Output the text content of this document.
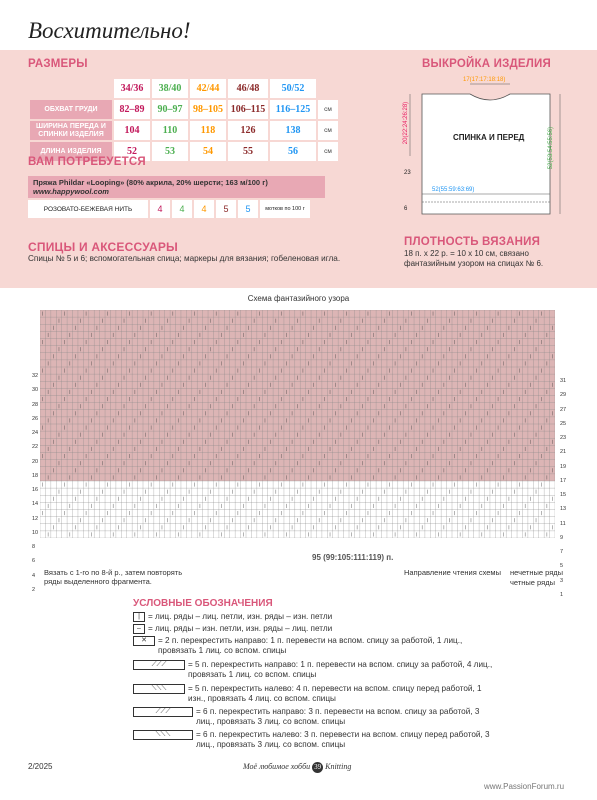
Восхитительно!
РАЗМЕРЫ
	34/36	38/40	42/44	46/48	50/52	
ОБХВАТ ГРУДИ	82–89	90–97	98–105	106–115	116–125	см
ШИРИНА ПЕРЕДА И СПИНКИ ИЗДЕЛИЯ	104	110	118	126	138	см
ДЛИНА ИЗДЕЛИЯ	52	53	54	55	56	см
ВАМ ПОТРЕБУЕТСЯ
Пряжа Phildar «Looping» (80% акрила, 20% шерсти; 163 м/100 г)
www.happywool.com
РОЗОВАТО-БЕЖЕВАЯ НИТЬ	4	4	4	5	5	мотков по 100 г
СПИЦЫ И АКСЕССУАРЫ
Спицы № 5 и 6; вспомогательная спица; маркеры для вязания; гобеленовая игла.
ВЫКРОЙКА ИЗДЕЛИЯ
17(17:17:18:18)
СПИНКА И ПЕРЕД
52(55:59:63:69)
23
6
20(22:24:26:28)
52(53:54:55:56)
ПЛОТНОСТЬ ВЯЗАНИЯ
18 п. х 22 р. = 10 х 10 см, связано фантазийным узором на спицах № 6.
Схема фантазийного узора
32
30
28
26
24
22
20
18
16
14
12
10
8
6
4
2
31
29
27
25
23
21
19
17
15
13
11
9
7
5
3
1
95 (99:105:111:119) п.
Вязать с 1-го по 8-й р., затем повторять ряды выделенного фрагмента.
Направление чтения схемы нечетные ряды
четные ряды
УСЛОВНЫЕ ОБОЗНАЧЕНИЯ
| = лиц. ряды – лиц. петли, изн. ряды – изн. петли
– = лиц. ряды – изн. петли, изн. ряды – лиц. петли
✕	= 2 п. перекрестить направо: 1 п. перевести на вспом. спицу за работой, 1 лиц., провязать 1 лиц. со вспом. спицы
⟋⟋⟋	= 5 п. перекрестить направо: 1 п. перевести на вспом. спицу за работой, 4 лиц., провязать 1 лиц. со вспом. спицы
⟍⟍⟍	= 5 п. перекрестить налево: 4 п. перевести на вспом. спицу перед работой, 1 изн., провязать 4 лиц. со вспом. спицы
⟋⟋⟋	= 6 п. перекрестить направо: 3 п. перевести на вспом. спицу за работой, 3 лиц., провязать 3 лиц. со вспом. спицы
⟍⟍⟍	= 6 п. перекрестить налево: 3 п. перевести на вспом. спицу перед работой, 3 лиц., провязать 3 лиц. со вспом. спицы
2/2025	Моё любимое хобби 39 Knitting
www.PassionForum.ru
